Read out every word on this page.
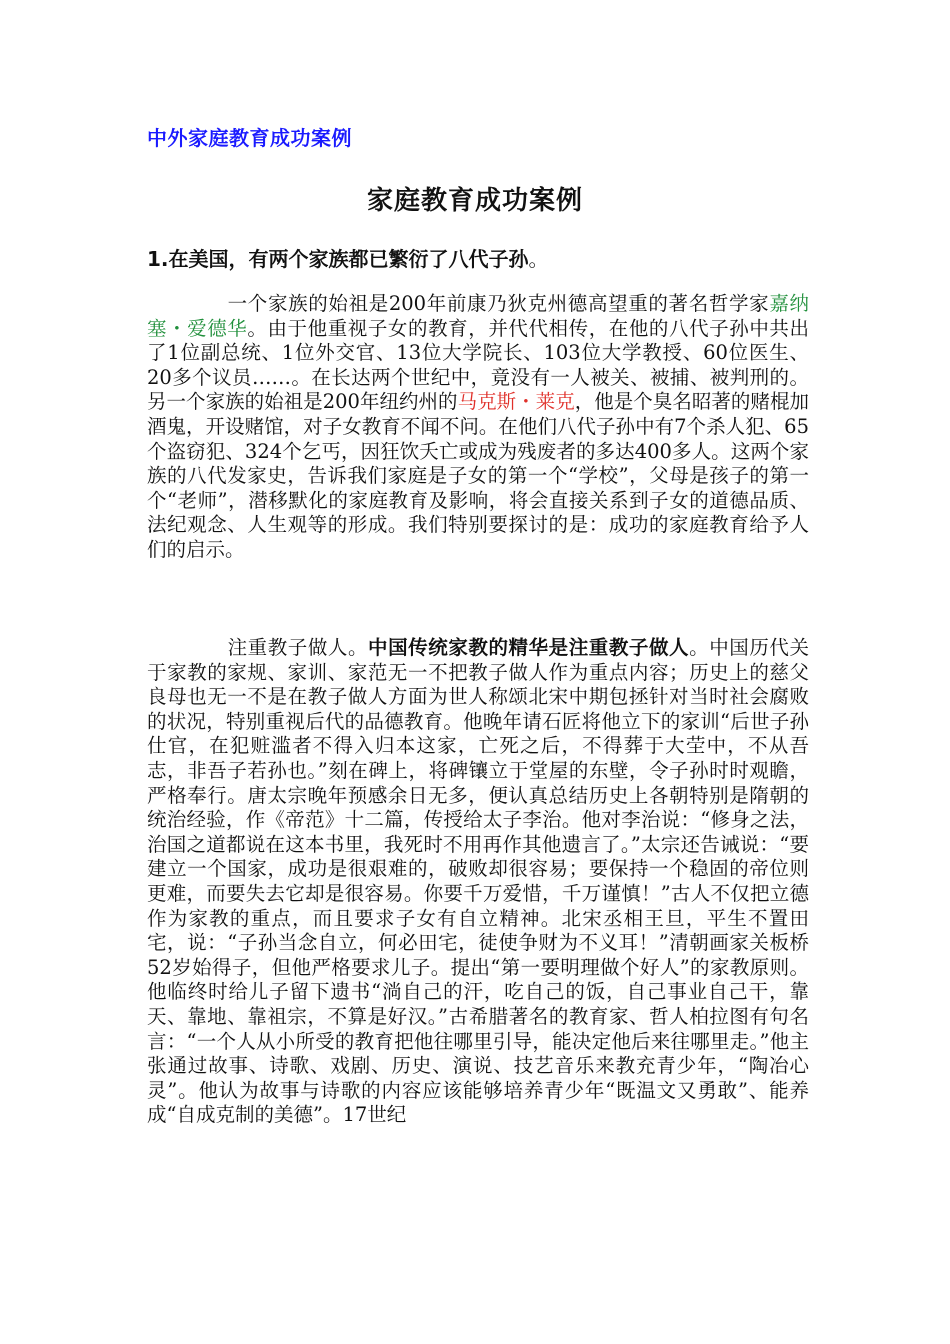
中外家庭教育成功案例
家庭教育成功案例
1.在美国，有两个家族都已繁衍了八代子孙。

一个家族的始祖是200年前康乃狄克州德高望重的著名哲学家嘉纳塞・爱德华。由于他重视子女的教育，并代代相传，在他的八代子孙中共出了1位副总统、1位外交官、13位大学院长、103位大学教授、60位医生、20多个议员……。在长达两个世纪中，竟没有一人被关、被捕、被判刑的。另一个家族的始祖是200年纽约州的马克斯・莱克，他是个臭名昭著的赌棍加酒鬼，开设赌馆，对子女教育不闻不问。在他们八代子孙中有7个杀人犯、65个盗窃犯、324个乞丐，因狂饮夭亡或成为残废者的多达400多人。这两个家族的八代发家史，告诉我们家庭是子女的第一个“学校”，父母是孩子的第一个“老师”，潜移默化的家庭教育及影响，将会直接关系到子女的道德品质、法纪观念、人生观等的形成。我们特别要探讨的是：成功的家庭教育给予人们的启示。

注重教子做人。中国传统家教的精华是注重教子做人。中国历代关于家教的家规、家训、家范无一不把教子做人作为重点内容；历史上的慈父良母也无一不是在教子做人方面为世人称颂北宋中期包拯针对当时社会腐败的状况，特别重视后代的品德教育。他晚年请石匠将他立下的家训“后世子孙仕官，在犯赃滥者不得入归本这家，亡死之后，不得葬于大茔中，不从吾志，非吾子若孙也。”刻在碑上，将碑镶立于堂屋的东壁，令子孙时时观瞻，严格奉行。唐太宗晚年预感余日无多，便认真总结历史上各朝特别是隋朝的统治经验，作《帝范》十二篇，传授给太子李治。他对李治说：“修身之法，治国之道都说在这本书里，我死时不用再作其他遗言了。”太宗还告诫说：“要建立一个国家，成功是很艰难的，破败却很容易；要保持一个稳固的帝位则更难，而要失去它却是很容易。你要千万爱惜，千万谨慎！”古人不仅把立德作为家教的重点，而且要求子女有自立精神。北宋丞相王旦，平生不置田宅，说：“子孙当念自立，何必田宅，徒使争财为不义耳！”清朝画家关板桥52岁始得子，但他严格要求儿子。提出“第一要明理做个好人”的家教原则。他临终时给儿子留下遗书“淌自己的汗，吃自己的饭，自己事业自己干，靠天、靠地、靠祖宗，不算是好汉。”古希腊著名的教育家、哲人柏拉图有句名言：“一个人从小所受的教育把他往哪里引导，能决定他后来往哪里走。”他主张通过故事、诗歌、戏剧、历史、演说、技艺音乐来教充青少年，“陶冶心灵”。他认为故事与诗歌的内容应该能够培养青少年“既温文又勇敢”、能养成“自成克制的美德”。17世纪
